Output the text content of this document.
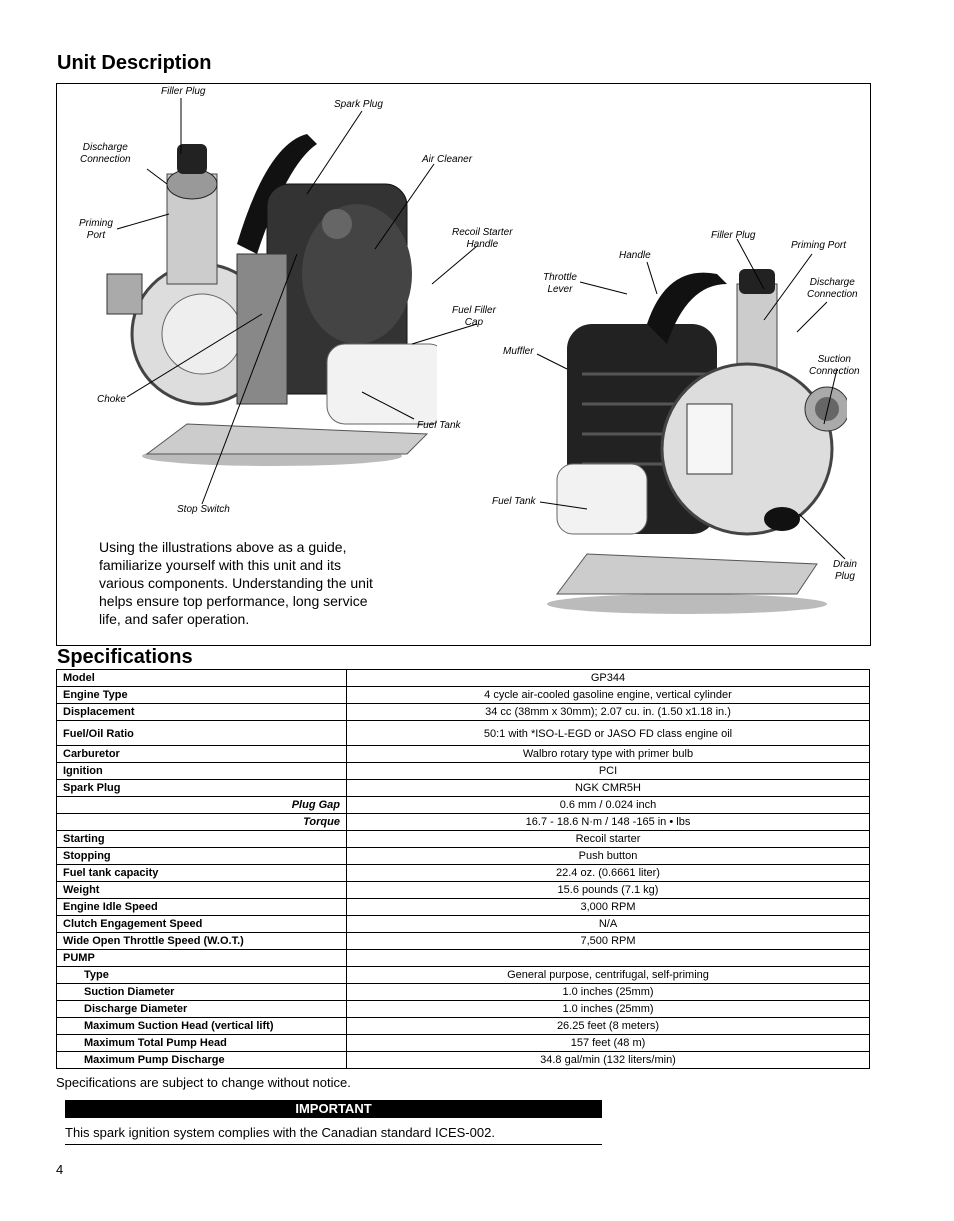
Unit Description
Filler Plug
Spark Plug
Discharge
Connection	Air Cleaner
Priming
Port	Recoil Starter
Handle
Fuel Filler
Cap
Choke
Fuel Tank
Stop Switch
Filler Plug
Priming Port
Handle
Throttle
Lever
Discharge
Connection
Muffler
Suction
Connection
Fuel Tank
Drain
Plug
Using the illustrations above as a guide, familiarize yourself with this unit and its various components. Understanding the unit helps ensure top performance, long service life, and safer operation.
Specifications
Model	GP344
Engine Type	4 cycle air-cooled gasoline engine, vertical cylinder
Displacement	34 cc (38mm x 30mm); 2.07 cu. in. (1.50 x1.18 in.)
Fuel/Oil Ratio	50:1 with *ISO-L-EGD or JASO FD class engine oil
Carburetor	Walbro rotary type with primer bulb
Ignition	PCI
Spark Plug	NGK CMR5H
Plug Gap	0.6 mm / 0.024 inch
Torque	16.7 - 18.6 N·m / 148 -165 in • lbs
Starting	Recoil starter
Stopping	Push button
Fuel tank capacity	22.4 oz. (0.6661 liter)
Weight	15.6 pounds (7.1 kg)
Engine Idle Speed	3,000 RPM
Clutch Engagement Speed	N/A
Wide Open Throttle Speed (W.O.T.)	7,500 RPM
PUMP	
Type	General purpose, centrifugal, self-priming
Suction Diameter	1.0 inches (25mm)
Discharge Diameter	1.0 inches (25mm)
Maximum Suction Head (vertical lift)	26.25 feet (8 meters)
Maximum Total Pump Head	157 feet (48 m)
Maximum Pump Discharge	34.8 gal/min (132 liters/min)
Specifications are subject to change without notice.
IMPORTANT
This spark ignition system complies with the Canadian standard ICES-002.
4
